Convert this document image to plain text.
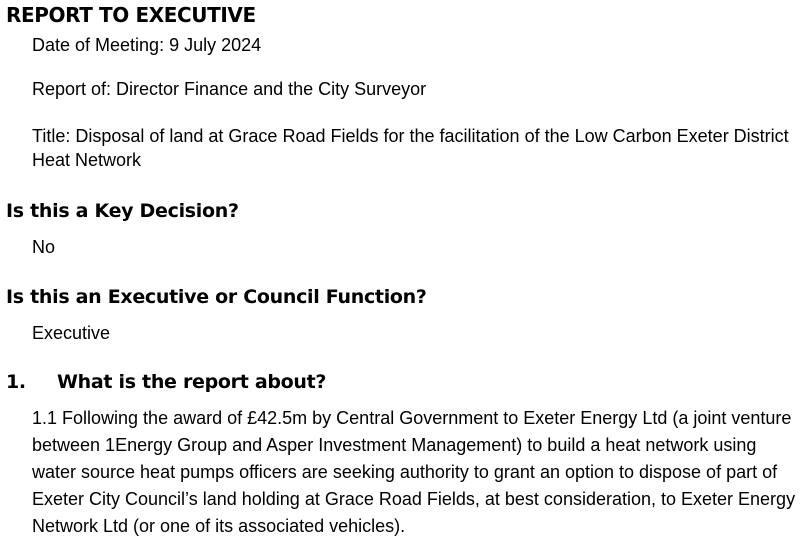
REPORT TO EXECUTIVE

Date of Meeting: 9 July 2024

Report of: Director Finance and the City Surveyor

Title: Disposal of land at Grace Road Fields for the facilitation of the Low Carbon Exeter District Heat Network

Is this a Key Decision?

No

Is this an Executive or Council Function?

Executive

1. What is the report about?

1.1 Following the award of £42.5m by Central Government to Exeter Energy Ltd (a joint venture between 1Energy Group and Asper Investment Management) to build a heat network using water source heat pumps officers are seeking authority to grant an option to dispose of part of Exeter City Council’s land holding at Grace Road Fields, at best consideration, to Exeter Energy Network Ltd (or one of its associated vehicles).
